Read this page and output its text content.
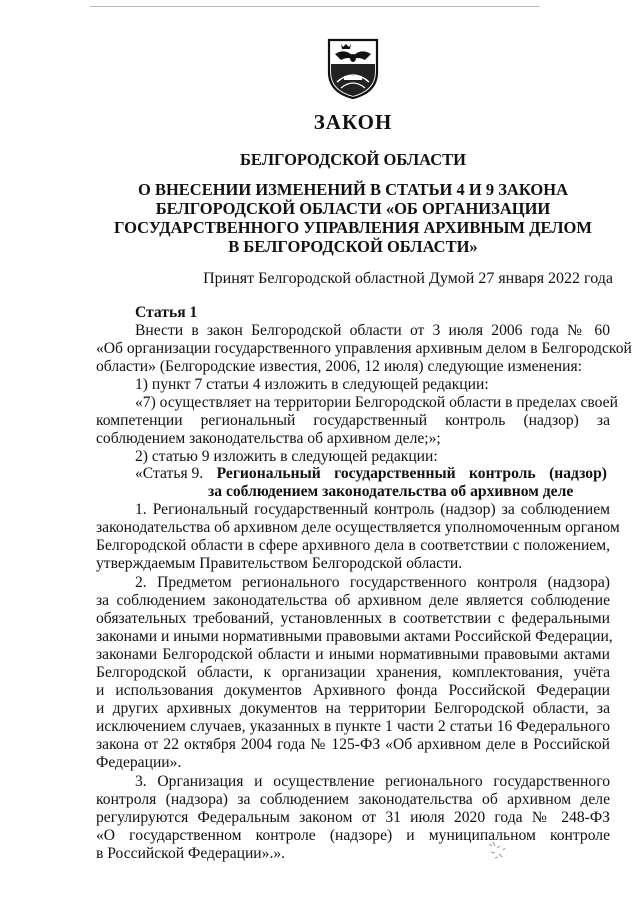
ЗАКОН
БЕЛГОРОДСКОЙ ОБЛАСТИ
О ВНЕСЕНИИ ИЗМЕНЕНИЙ В СТАТЬИ 4 И 9 ЗАКОНА
БЕЛГОРОДСКОЙ ОБЛАСТИ «ОБ ОРГАНИЗАЦИИ
ГОСУДАРСТВЕННОГО УПРАВЛЕНИЯ АРХИВНЫМ ДЕЛОМ
В БЕЛГОРОДСКОЙ ОБЛАСТИ»
Принят Белгородской областной Думой 27 января 2022 года
Статья 1
Внести в закон Белгородской области от 3 июля 2006 года № 60
«Об организации государственного управления архивным делом в Белгородской
области» (Белгородские известия, 2006, 12 июля) следующие изменения:
1) пункт 7 статьи 4 изложить в следующей редакции:
«7) осуществляет на территории Белгородской области в пределах своей
компетенции региональный государственный контроль (надзор) за
соблюдением законодательства об архивном деле;»;
2) статью 9 изложить в следующей редакции:
«Статья 9. Региональный государственный контроль (надзор)
за соблюдением законодательства об архивном деле
1. Региональный государственный контроль (надзор) за соблюдением
законодательства об архивном деле осуществляется уполномоченным органом
Белгородской области в сфере архивного дела в соответствии с положением,
утверждаемым Правительством Белгородской области.
2. Предметом регионального государственного контроля (надзора)
за соблюдением законодательства об архивном деле является соблюдение
обязательных требований, установленных в соответствии с федеральными
законами и иными нормативными правовыми актами Российской Федерации,
законами Белгородской области и иными нормативными правовыми актами
Белгородской области, к организации хранения, комплектования, учёта
и использования документов Архивного фонда Российской Федерации
и других архивных документов на территории Белгородской области, за
исключением случаев, указанных в пункте 1 части 2 статьи 16 Федерального
закона от 22 октября 2004 года № 125-ФЗ «Об архивном деле в Российской
Федерации».
3. Организация и осуществление регионального государственного
контроля (надзора) за соблюдением законодательства об архивном деле
регулируются Федеральным законом от 31 июля 2020 года № 248-ФЗ
«О государственном контроле (надзоре) и муниципальном контроле
в Российской Федерации».».
